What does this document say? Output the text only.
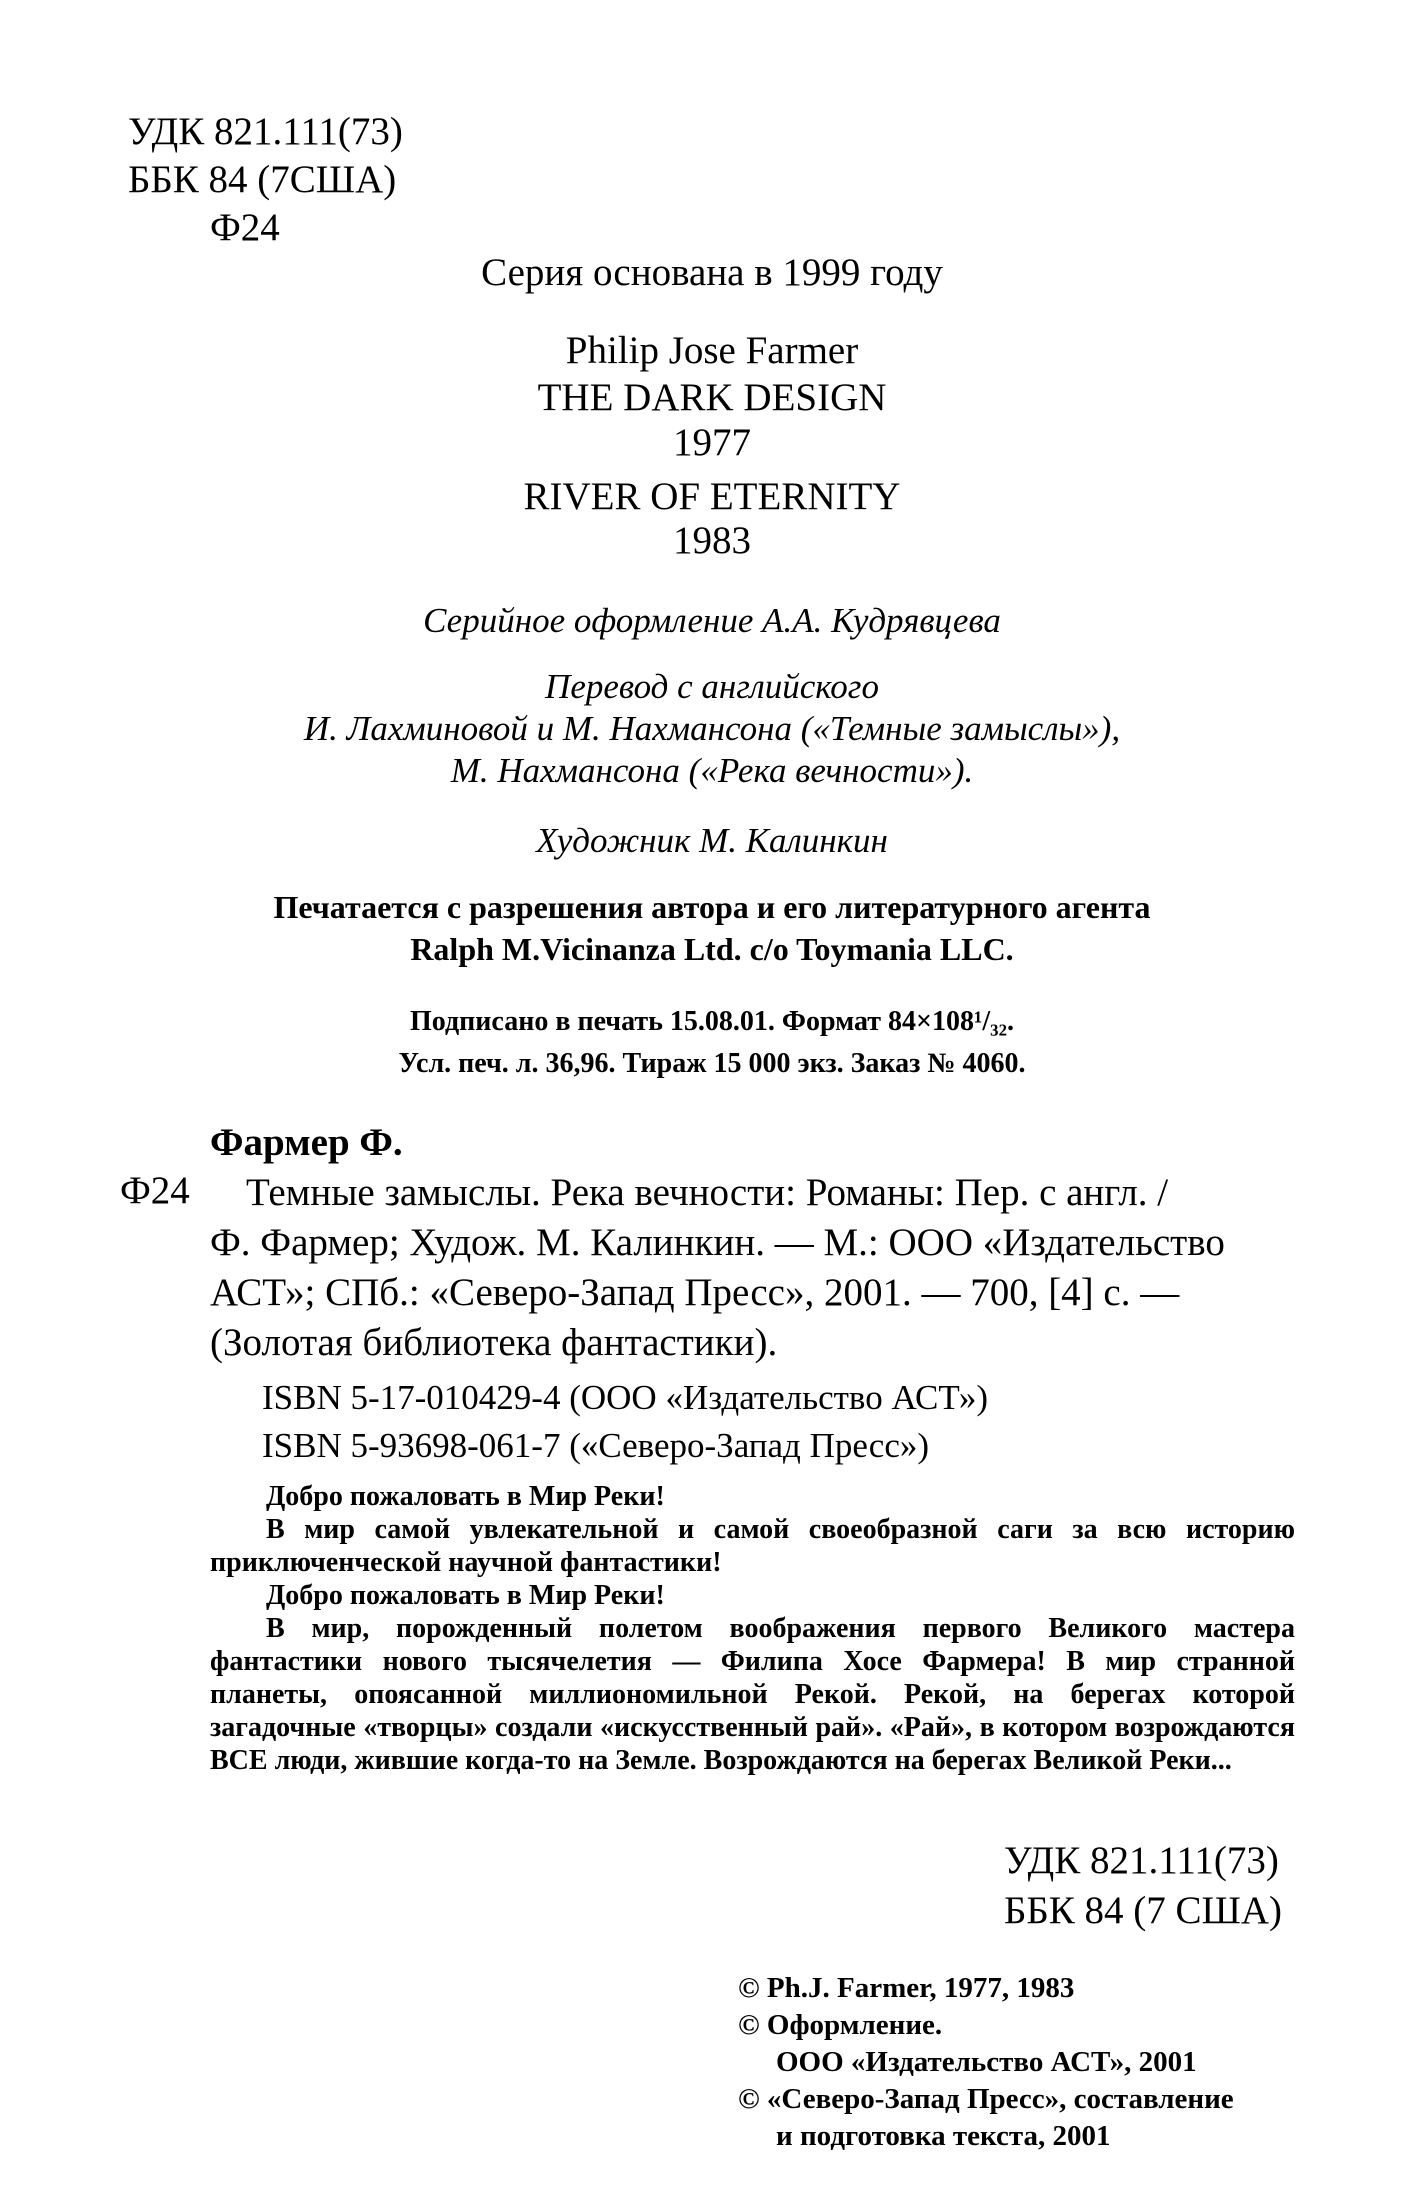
УДК 821.111(73)
ББК 84 (7США)
Ф24
Серия основана в 1999 году
Philip Jose Farmer
THE DARK DESIGN
1977
RIVER OF ETERNITY
1983
Серийное оформление А.А. Кудрявцева
Перевод с английского
И. Лахминовой и М. Нахмансона («Темные замыслы»),
М. Нахмансона («Река вечности»).
Художник М. Калинкин
Печатается с разрешения автора и его литературного агента
Ralph M.Vicinanza Ltd. c/o Toymania LLC.
Подписано в печать 15.08.01. Формат 84×108¹/₃₂.
Усл. печ. л. 36,96. Тираж 15 000 экз. Заказ № 4060.
Фармер Ф.
Ф24	Темные замыслы. Река вечности: Романы: Пер. с англ. /
Ф. Фармер; Худож. М. Калинкин. — М.: ООО «Издательство
АСТ»; СПб.: «Северо-Запад Пресс», 2001. — 700, [4] с. —
(Золотая библиотека фантастики).
ISBN 5-17-010429-4 (ООО «Издательство АСТ»)
ISBN 5-93698-061-7 («Северо-Запад Пресс»)

Добро пожаловать в Мир Реки!

В мир самой увлекательной и самой своеобразной саги за всю историю приключенческой научной фантастики!

Добро пожаловать в Мир Реки!

В мир, порожденный полетом воображения первого Великого мастера фантастики нового тысячелетия — Филипа Хосе Фармера! В мир странной планеты, опоясанной миллиономильной Рекой. Рекой, на берегах которой загадочные «творцы» создали «искусственный рай». «Рай», в котором возрождаются ВСЕ люди, жившие когда-то на Земле. Возрождаются на берегах Великой Реки...

УДК 821.111(73)
ББК 84 (7 США)
© Ph.J. Farmer, 1977, 1983
© Оформление.
ООО «Издательство АСТ», 2001
© «Северо-Запад Пресс», составление
и подготовка текста, 2001
